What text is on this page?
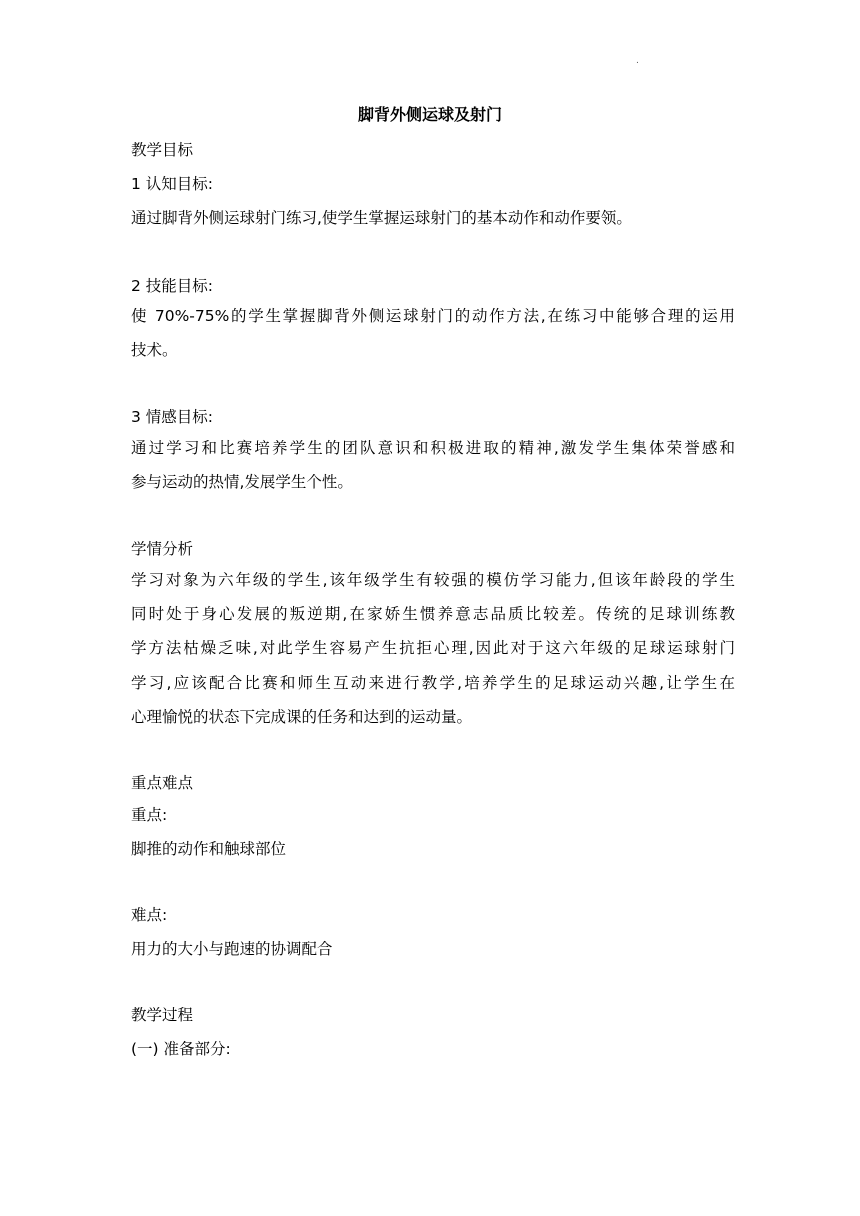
.
脚背外侧运球及射门
教学目标
1 认知目标:
通过脚背外侧运球射门练习,使学生掌握运球射门的基本动作和动作要领。
2 技能目标:
使 70%-75%的学生掌握脚背外侧运球射门的动作方法,在练习中能够合理的运用
技术。
3 情感目标:
通过学习和比赛培养学生的团队意识和积极进取的精神,激发学生集体荣誉感和
参与运动的热情,发展学生个性。
学情分析
学习对象为六年级的学生,该年级学生有较强的模仿学习能力,但该年龄段的学生
同时处于身心发展的叛逆期,在家娇生惯养意志品质比较差。传统的足球训练教
学方法枯燥乏味,对此学生容易产生抗拒心理,因此对于这六年级的足球运球射门
学习,应该配合比赛和师生互动来进行教学,培养学生的足球运动兴趣,让学生在
心理愉悦的状态下完成课的任务和达到的运动量。
重点难点
重点:
脚推的动作和触球部位
难点:
用力的大小与跑速的协调配合
教学过程
(一) 准备部分:
